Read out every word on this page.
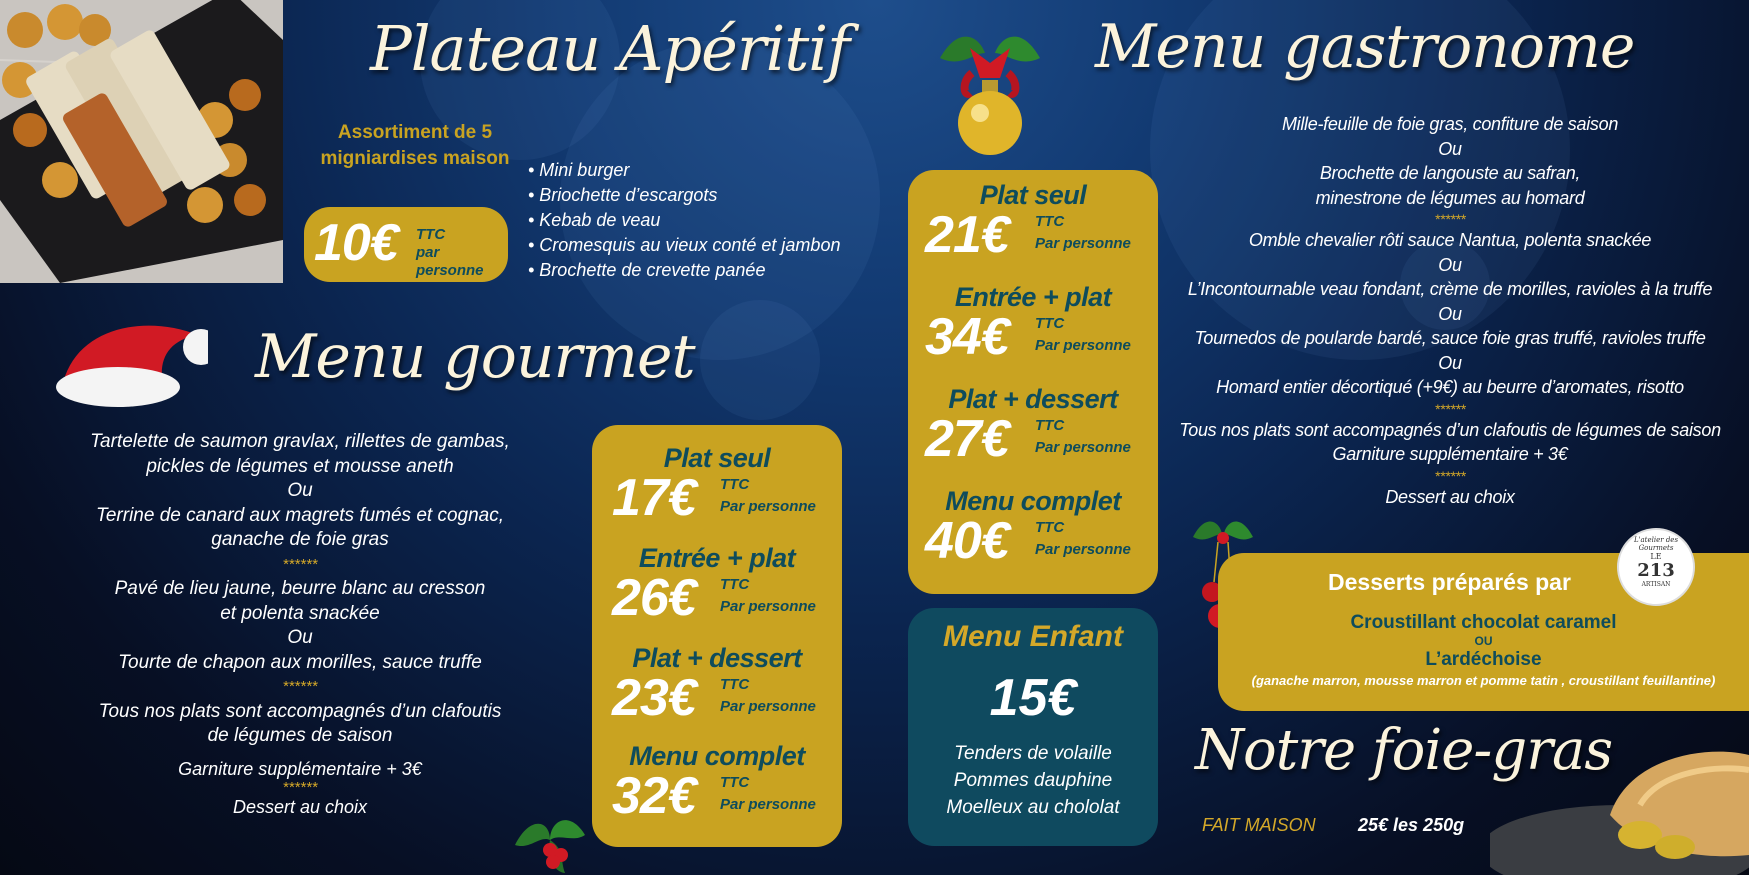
Plateau Apéritif
Assortiment de 5
migniardises maison
10€ TTC
par personne
• Mini burger
• Briochette d’escargots
• Kebab de veau
• Cromesquis au vieux conté et jambon
• Brochette de crevette panée
Menu gourmet
Tartelette de saumon gravlax, rillettes de gambas,
pickles de légumes et mousse aneth
Ou
Terrine de canard aux magrets fumés et cognac,
ganache de foie gras
******
Pavé de lieu jaune, beurre blanc au cresson
et polenta snackée
Ou
Tourte de chapon aux morilles, sauce truffe
******
Tous nos plats sont accompagnés d’un clafoutis
de légumes de saison
Garniture supplémentaire + 3€
******
Dessert au choix
Plat seul
17€ TTC
Par personne
Entrée + plat
26€ TTC
Par personne
Plat + dessert
23€ TTC
Par personne
Menu complet
32€ TTC
Par personne
Menu gastronome
Plat seul
21€ TTC
Par personne
Entrée + plat
34€ TTC
Par personne
Plat + dessert
27€ TTC
Par personne
Menu complet
40€ TTC
Par personne
Menu Enfant
15€
Tenders de volaille
Pommes dauphine
Moelleux au chololat
Mille-feuille de foie gras, confiture de saison
Ou
Brochette de langouste au safran,
minestrone de légumes au homard
******
Omble chevalier rôti sauce Nantua, polenta snackée
Ou
L’Incontournable veau fondant, crème de morilles, ravioles à la truffe
Ou
Tournedos de poularde bardé, sauce foie gras truffé, ravioles truffe
Ou
Homard entier décortiqué (+9€) au beurre d’aromates, risotto
******
Tous nos plats sont accompagnés d’un clafoutis de légumes de saison
Garniture supplémentaire + 3€
******
Dessert au choix
Desserts préparés par
Croustillant chocolat caramel
OU
L’ardéchoise
(ganache marron, mousse marron et pomme tatin , croustillant feuillantine)
L'atelier des Gourmets
LE
213
ARTISAN
Notre foie-gras
FAIT MAISON 25€ les 250g
